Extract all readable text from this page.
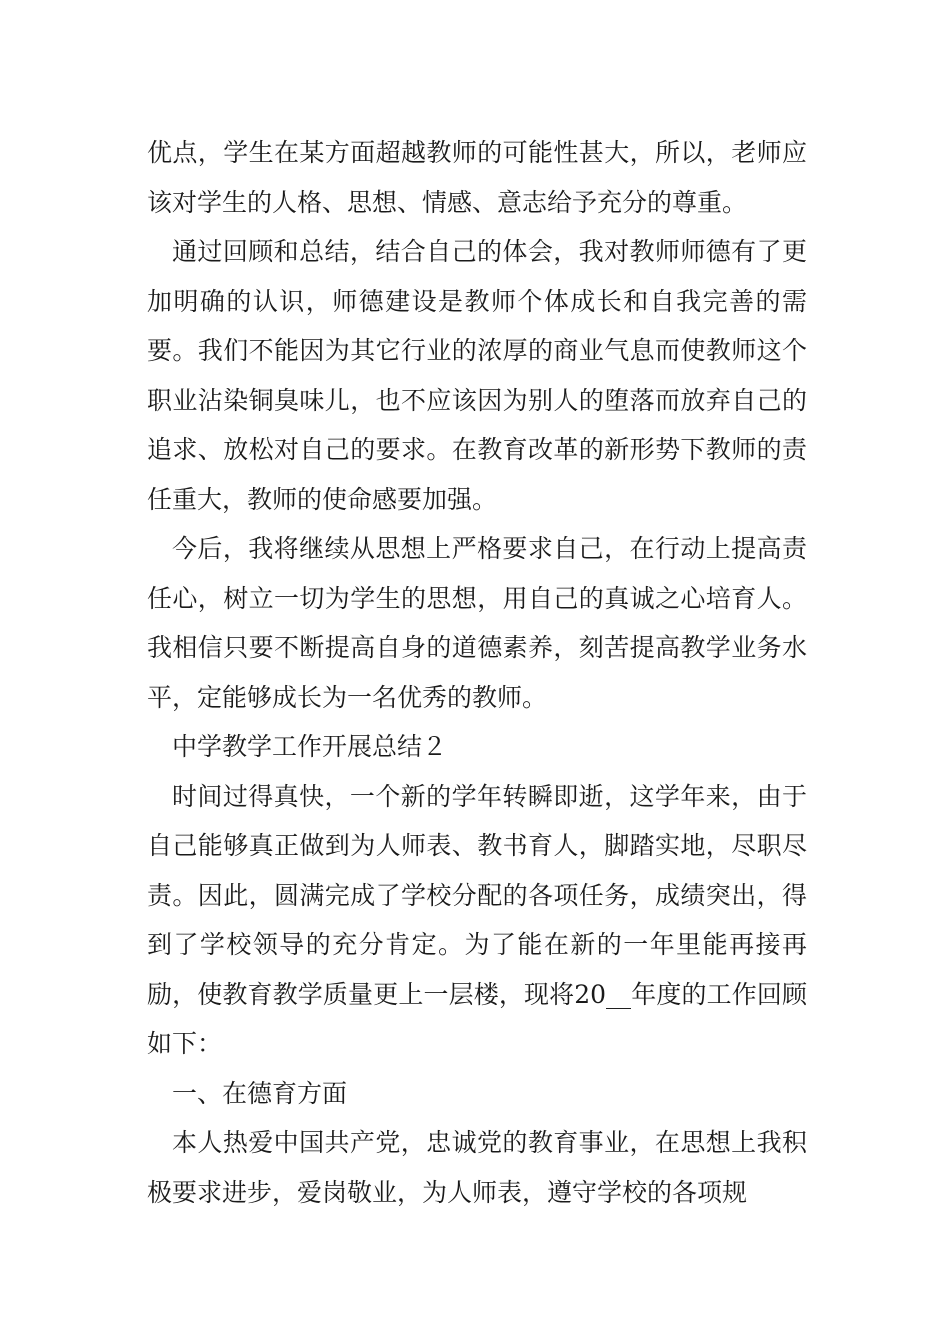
优点，学生在某方面超越教师的可能性甚大，所以，老师应该对学生的人格、思想、情感、意志给予充分的尊重。

通过回顾和总结，结合自己的体会，我对教师师德有了更加明确的认识，师德建设是教师个体成长和自我完善的需要。我们不能因为其它行业的浓厚的商业气息而使教师这个职业沾染铜臭味儿，也不应该因为别人的堕落而放弃自己的追求、放松对自己的要求。在教育改革的新形势下教师的责任重大，教师的使命感要加强。

今后，我将继续从思想上严格要求自己，在行动上提高责任心，树立一切为学生的思想，用自己的真诚之心培育人。我相信只要不断提高自身的道德素养，刻苦提高教学业务水平，定能够成长为一名优秀的教师。

中学教学工作开展总结２

时间过得真快，一个新的学年转瞬即逝，这学年来，由于自己能够真正做到为人师表、教书育人，脚踏实地，尽职尽责。因此，圆满完成了学校分配的各项任务，成绩突出，得到了学校领导的充分肯定。为了能在新的一年里能再接再励，使教育教学质量更上一层楼，现将20__年度的工作回顾如下：

一、在德育方面

本人热爱中国共产党，忠诚党的教育事业，在思想上我积极要求进步，爱岗敬业，为人师表，遵守学校的各项规
